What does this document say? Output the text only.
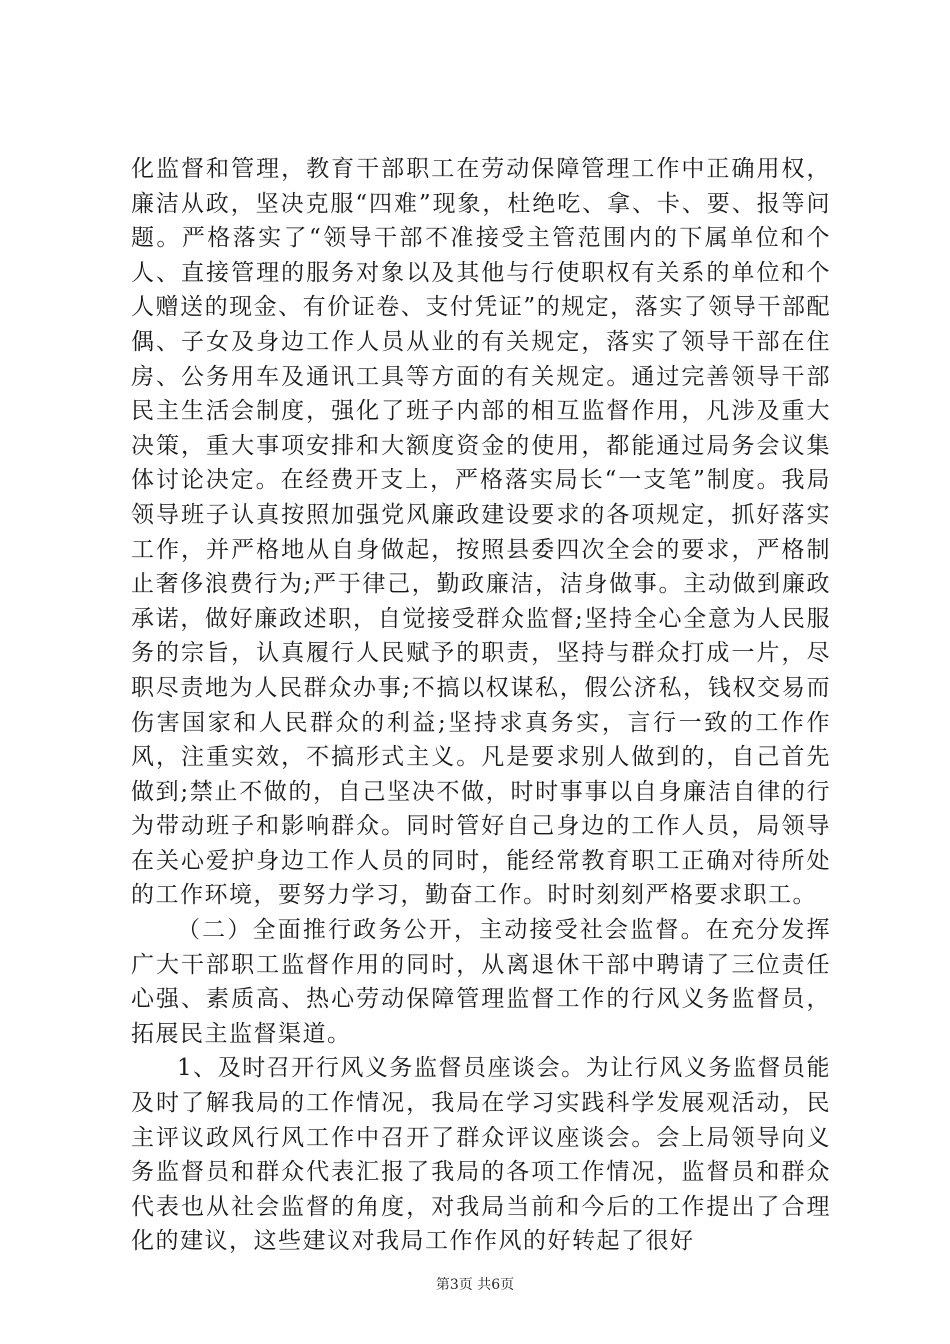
化监督和管理，教育干部职工在劳动保障管理工作中正确用权，廉洁从政，坚决克服“四难”现象，杜绝吃、拿、卡、要、报等问题。严格落实了“领导干部不准接受主管范围内的下属单位和个人、直接管理的服务对象以及其他与行使职权有关系的单位和个人赠送的现金、有价证卷、支付凭证”的规定，落实了领导干部配偶、子女及身边工作人员从业的有关规定，落实了领导干部在住房、公务用车及通讯工具等方面的有关规定。通过完善领导干部民主生活会制度，强化了班子内部的相互监督作用，凡涉及重大决策，重大事项安排和大额度资金的使用，都能通过局务会议集体讨论决定。在经费开支上，严格落实局长“一支笔”制度。我局领导班子认真按照加强党风廉政建设要求的各项规定，抓好落实工作，并严格地从自身做起，按照县委四次全会的要求，严格制止奢侈浪费行为;严于律己，勤政廉洁，洁身做事。主动做到廉政承诺，做好廉政述职，自觉接受群众监督;坚持全心全意为人民服务的宗旨，认真履行人民赋予的职责，坚持与群众打成一片，尽职尽责地为人民群众办事;不搞以权谋私，假公济私，钱权交易而伤害国家和人民群众的利益;坚持求真务实，言行一致的工作作风，注重实效，不搞形式主义。凡是要求别人做到的，自己首先做到;禁止不做的，自己坚决不做，时时事事以自身廉洁自律的行为带动班子和影响群众。同时管好自己身边的工作人员，局领导在关心爱护身边工作人员的同时，能经常教育职工正确对待所处的工作环境，要努力学习，勤奋工作。时时刻刻严格要求职工。

（二）全面推行政务公开，主动接受社会监督。在充分发挥广大干部职工监督作用的同时，从离退休干部中聘请了三位责任心强、素质高、热心劳动保障管理监督工作的行风义务监督员，拓展民主监督渠道。

1、及时召开行风义务监督员座谈会。为让行风义务监督员能及时了解我局的工作情况，我局在学习实践科学发展观活动，民主评议政风行风工作中召开了群众评议座谈会。会上局领导向义务监督员和群众代表汇报了我局的各项工作情况，监督员和群众代表也从社会监督的角度，对我局当前和今后的工作提出了合理化的建议，这些建议对我局工作作风的好转起了很好

第3页 共6页
